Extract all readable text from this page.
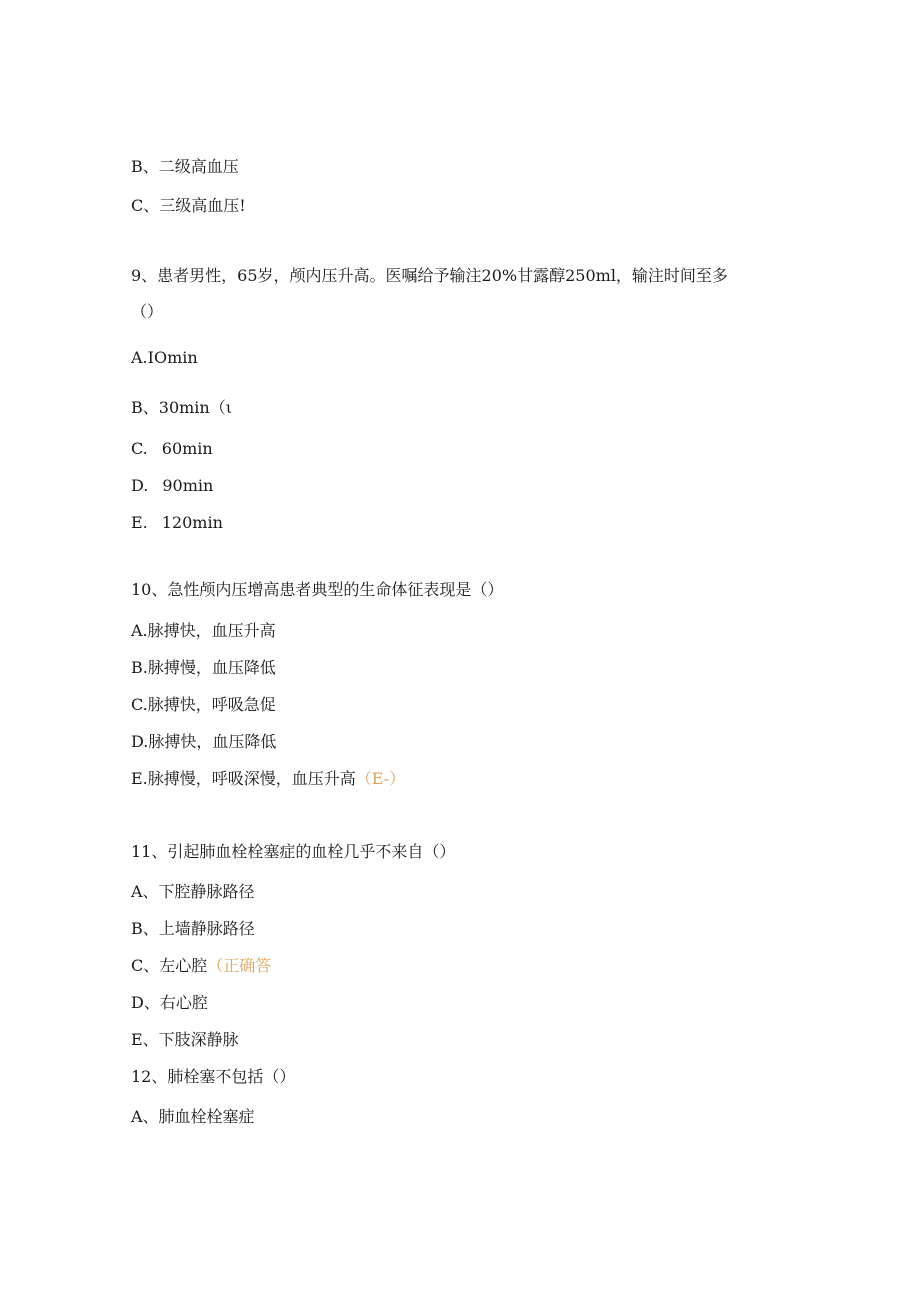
B、二级高血压
C、三级高血压!
9、患者男性，65岁，颅内压升高。医嘱给予输注20%甘露醇250ml，输注时间至多
（）
A.IOmin
B、30min（ι
C. 60min
D. 90min
E. 120min
10、急性颅内压增高患者典型的生命体征表现是（）
A.脉搏快，血压升高
B.脉搏慢，血压降低
C.脉搏快，呼吸急促
D.脉搏快，血压降低
E.脉搏慢，呼吸深慢，血压升高（E-）
11、引起肺血栓栓塞症的血栓几乎不来自（）
A、下腔静脉路径
B、上墙静脉路径
C、左心腔（正确答
D、右心腔
E、下肢深静脉
12、肺栓塞不包括（）
A、肺血栓栓塞症
